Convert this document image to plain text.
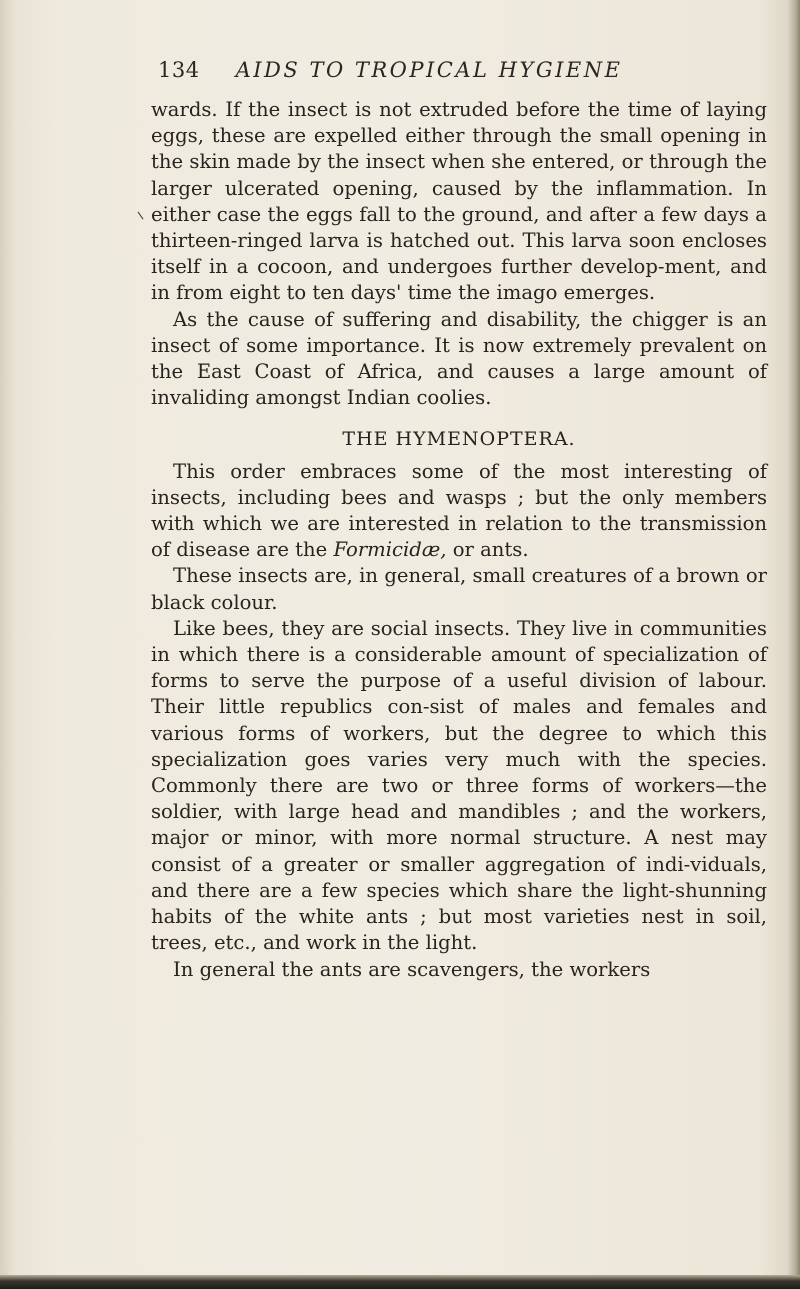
134 AIDS TO TROPICAL HYGIENE

wards. If the insect is not extruded before the time of laying eggs, these are expelled either through the small opening in the skin made by the insect when she entered, or through the larger ulcerated opening, caused by the inflammation. In either case the eggs fall to the ground, and after a few days a thirteen-ringed larva is hatched out. This larva soon encloses itself in a cocoon, and undergoes further develop-ment, and in from eight to ten days' time the imago emerges.

As the cause of suffering and disability, the chigger is an insect of some importance. It is now extremely prevalent on the East Coast of Africa, and causes a large amount of invaliding amongst Indian coolies.

THE HYMENOPTERA.

This order embraces some of the most interesting of insects, including bees and wasps ; but the only members with which we are interested in relation to the transmission of disease are the Formicidæ, or ants.

These insects are, in general, small creatures of a brown or black colour.

Like bees, they are social insects. They live in communities in which there is a considerable amount of specialization of forms to serve the purpose of a useful division of labour. Their little republics con-sist of males and females and various forms of workers, but the degree to which this specialization goes varies very much with the species. Commonly there are two or three forms of workers—the soldier, with large head and mandibles ; and the workers, major or minor, with more normal structure. A nest may consist of a greater or smaller aggregation of indi-viduals, and there are a few species which share the light-shunning habits of the white ants ; but most varieties nest in soil, trees, etc., and work in the light.

In general the ants are scavengers, the workers
